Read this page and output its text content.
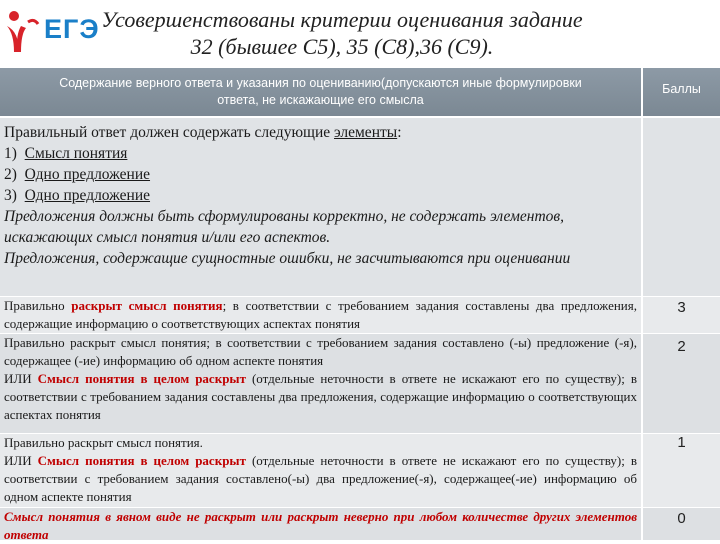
ЕГЭ Усовершенствованы критерии оценивания задание
32 (бывшее С5), 35 (С8),36 (С9).
Содержание верного ответа и указания по оцениванию(допускаются иные формулировки ответа, не искажающие его смысла
Баллы
Правильный ответ должен содержать следующие элементы:
1) Смысл понятия
2) Одно предложение
3) Одно предложение
Предложения должны быть сформулированы корректно, не содержать элементов, искажающих смысл понятия и/или его аспектов.
Предложения, содержащие сущностные ошибки, не засчитываются при оценивании
Правильно раскрыт смысл понятия; в соответствии с требованием задания составлены два предложения, содержащие информацию о соответствующих аспектах понятия
3
Правильно раскрыт смысл понятия; в соответствии с требованием задания составлено (-ы) предложение (-я), содержащее (-ие) информацию об одном аспекте понятия
ИЛИ Смысл понятия в целом раскрыт (отдельные неточности в ответе не искажают его по существу); в соответствии с требованием задания составлены два предложения, содержащие информацию о соответствующих аспектах понятия
2
Правильно раскрыт смысл понятия.
ИЛИ Смысл понятия в целом раскрыт (отдельные неточности в ответе не искажают его по существу); в соответствии с требованием задания составлено(-ы) два предложение(-я), содержащее(-ие) информацию об одном аспекте понятия
1
Смысл понятия в явном виде не раскрыт или раскрыт неверно при любом количестве других элементов ответа
0
